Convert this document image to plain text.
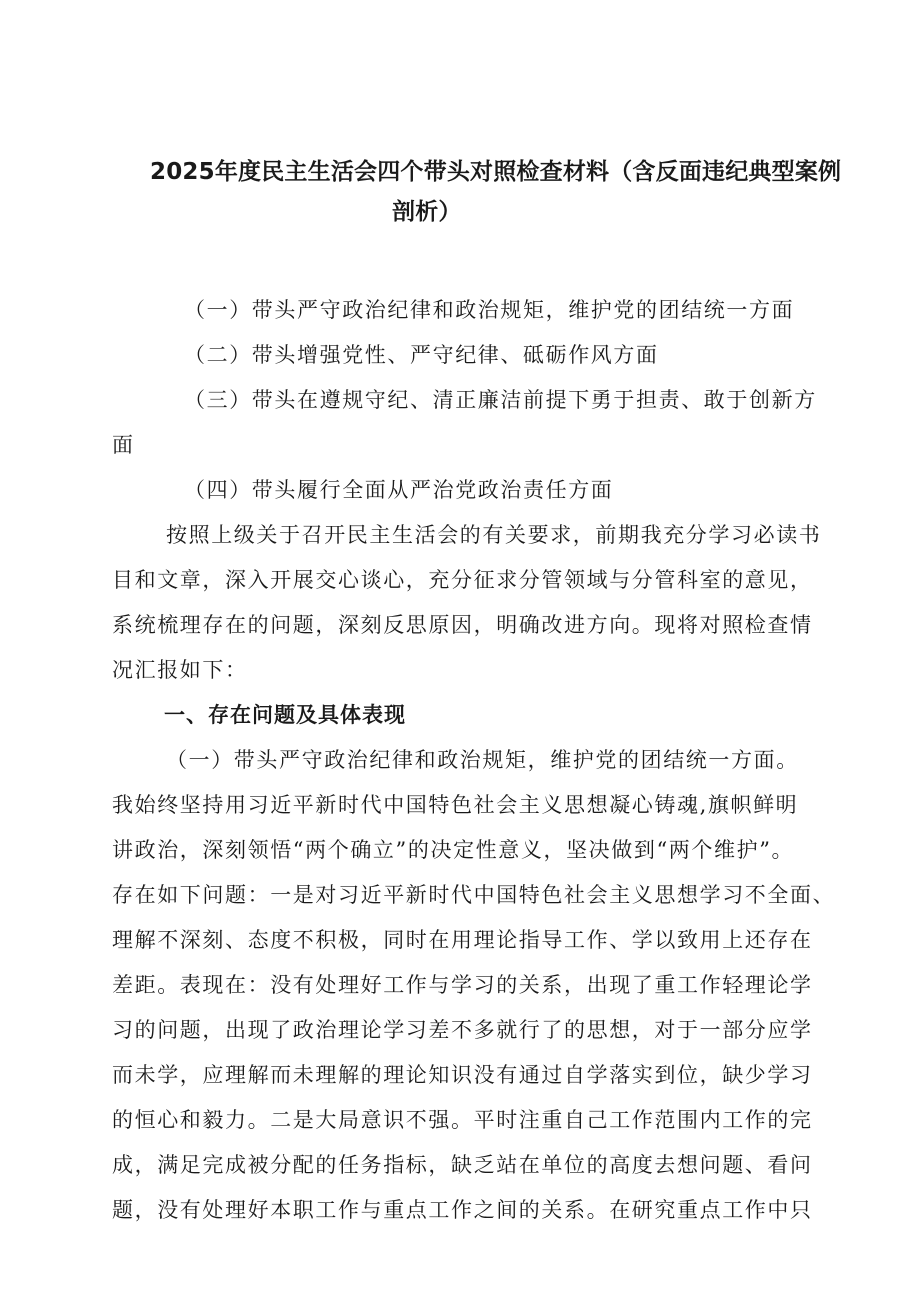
2025年度民主生活会四个带头对照检查材料（含反面违纪典型案例
剖析）
（一）带头严守政治纪律和政治规矩，维护党的团结统一方面
（二）带头增强党性、严守纪律、砥砺作风方面
（三）带头在遵规守纪、清正廉洁前提下勇于担责、敢于创新方
面
（四）带头履行全面从严治党政治责任方面
按照上级关于召开民主生活会的有关要求，前期我充分学习必读书
目和文章，深入开展交心谈心，充分征求分管领域与分管科室的意见，
系统梳理存在的问题，深刻反思原因，明确改进方向。现将对照检查情
况汇报如下：
一、存在问题及具体表现
（一）带头严守政治纪律和政治规矩，维护党的团结统一方面。
我始终坚持用习近平新时代中国特色社会主义思想凝心铸魂,旗帜鲜明
讲政治，深刻领悟“两个确立”的决定性意义，坚决做到“两个维护”。
存在如下问题：一是对习近平新时代中国特色社会主义思想学习不全面、
理解不深刻、态度不积极，同时在用理论指导工作、学以致用上还存在
差距。表现在：没有处理好工作与学习的关系，出现了重工作轻理论学
习的问题，出现了政治理论学习差不多就行了的思想，对于一部分应学
而未学，应理解而未理解的理论知识没有通过自学落实到位，缺少学习
的恒心和毅力。二是大局意识不强。平时注重自己工作范围内工作的完
成，满足完成被分配的任务指标，缺乏站在单位的高度去想问题、看问
题，没有处理好本职工作与重点工作之间的关系。在研究重点工作中只
